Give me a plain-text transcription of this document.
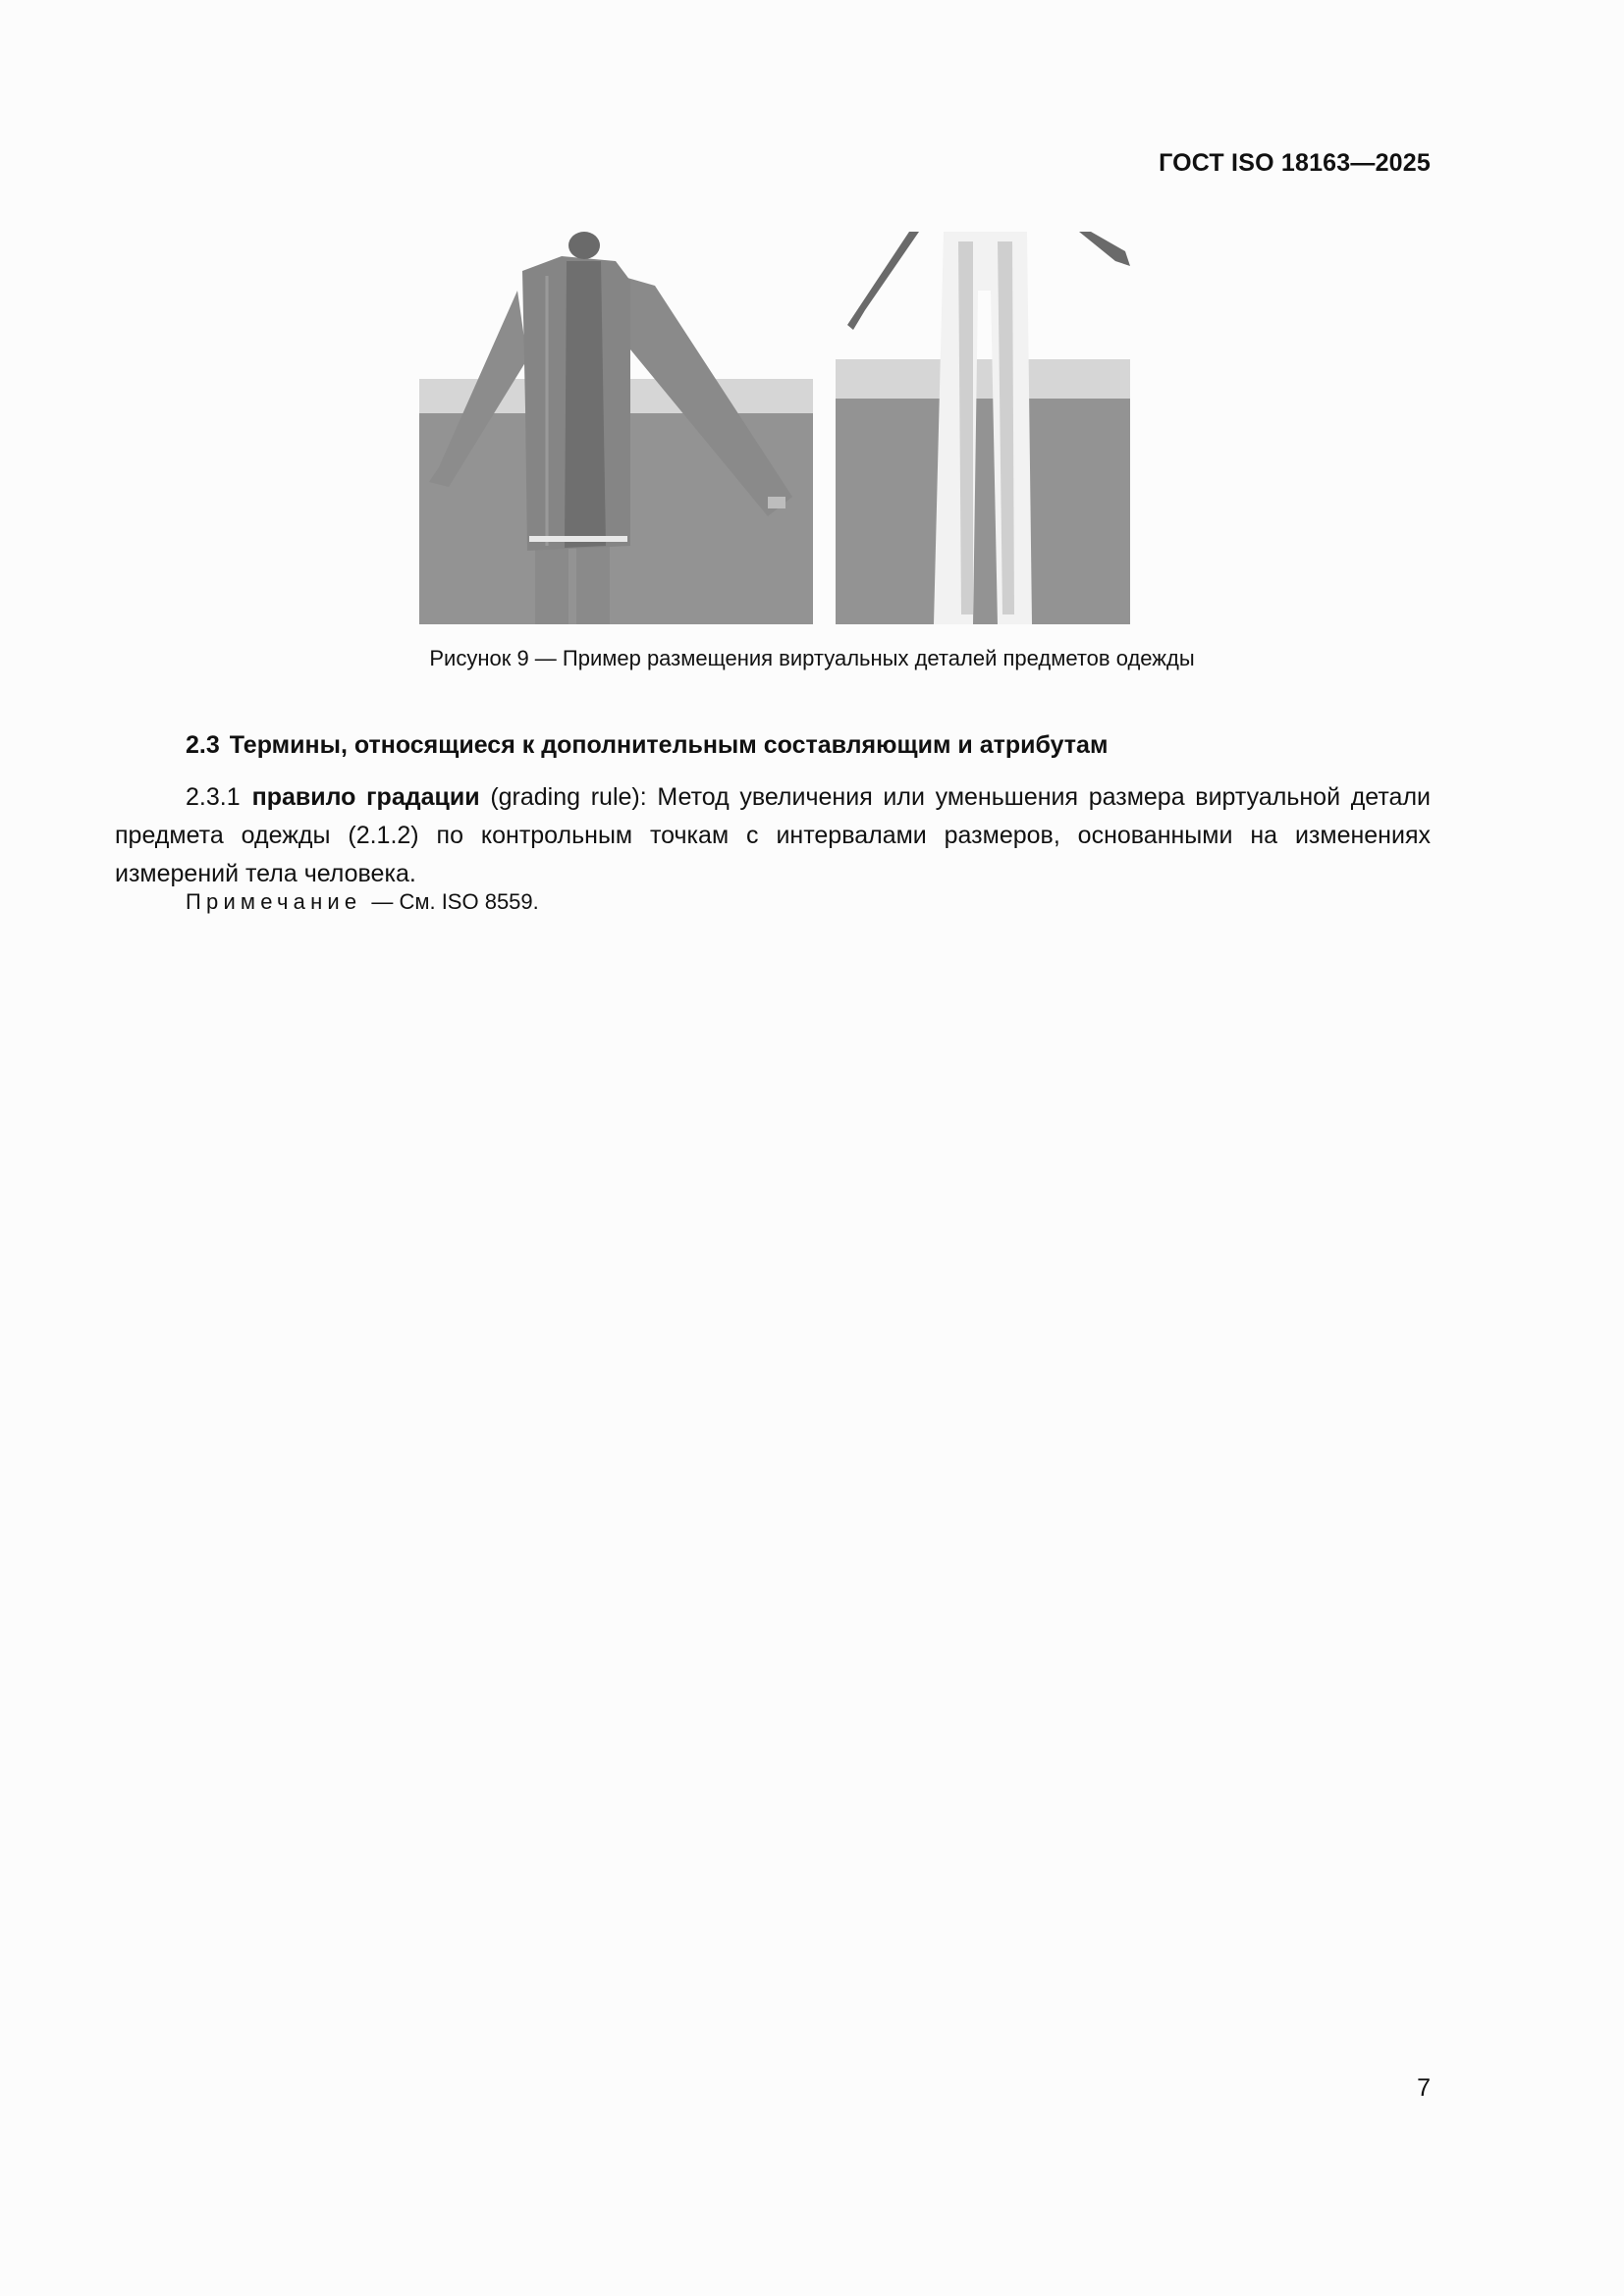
ГОСТ ISO 18163—2025
Рисунок 9 — Пример размещения виртуальных деталей предметов одежды
2.3 Термины, относящиеся к дополнительным составляющим и атрибутам
2.3.1 правило градации (grading rule): Метод увеличения или уменьшения размера виртуальной детали предмета одежды (2.1.2) по контрольным точкам с интервалами размеров, основанными на изменениях измерений тела человека.
Примечание — См. ISO 8559.
7
